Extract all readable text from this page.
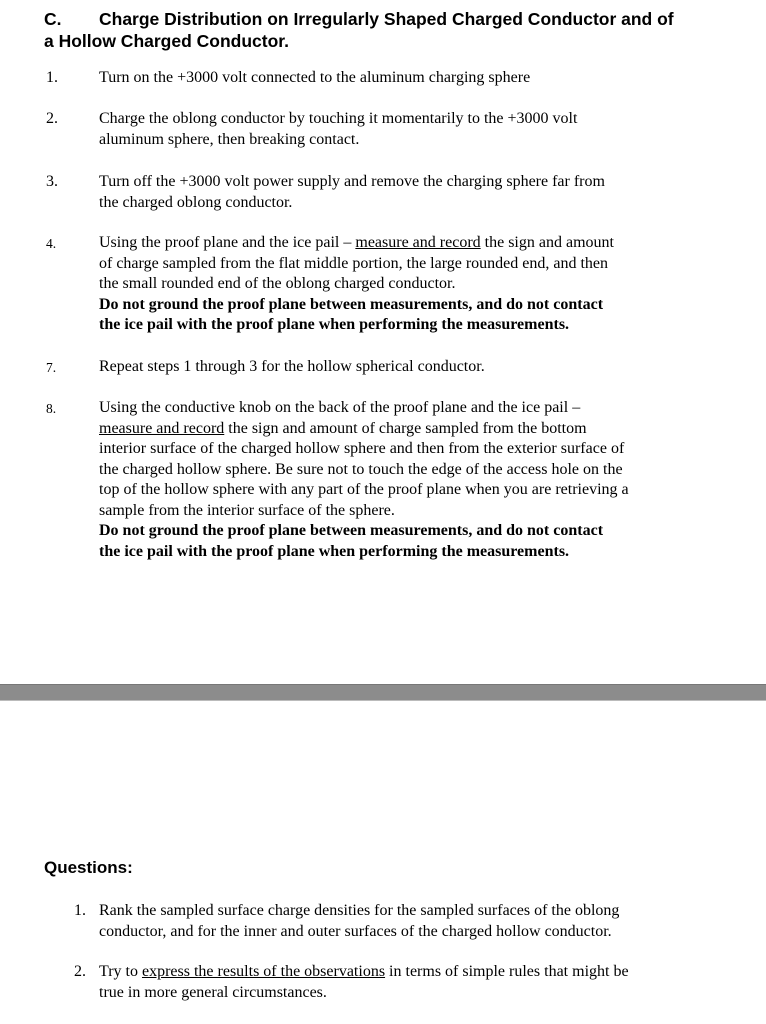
C. Charge Distribution on Irregularly Shaped Charged Conductor and of
a Hollow Charged Conductor.
1.	Turn on the +3000 volt connected to the aluminum charging sphere
2.	Charge the oblong conductor by touching it momentarily to the +3000 volt
aluminum sphere, then breaking contact.
3.	Turn off the +3000 volt power supply and remove the charging sphere far from
the charged oblong conductor.
4.	Using the proof plane and the ice pail – measure and record the sign and amount
of charge sampled from the flat middle portion, the large rounded end, and then
the small rounded end of the oblong charged conductor.
Do not ground the proof plane between measurements, and do not contact
the ice pail with the proof plane when performing the measurements.
7.	Repeat steps 1 through 3 for the hollow spherical conductor.
8.	Using the conductive knob on the back of the proof plane and the ice pail –
measure and record the sign and amount of charge sampled from the bottom
interior surface of the charged hollow sphere and then from the exterior surface of
the charged hollow sphere. Be sure not to touch the edge of the access hole on the
top of the hollow sphere with any part of the proof plane when you are retrieving a
sample from the interior surface of the sphere.
Do not ground the proof plane between measurements, and do not contact
the ice pail with the proof plane when performing the measurements.
Questions:
1. Rank the sampled surface charge densities for the sampled surfaces of the oblong
conductor, and for the inner and outer surfaces of the charged hollow conductor.
2. Try to express the results of the observations in terms of simple rules that might be
true in more general circumstances.
